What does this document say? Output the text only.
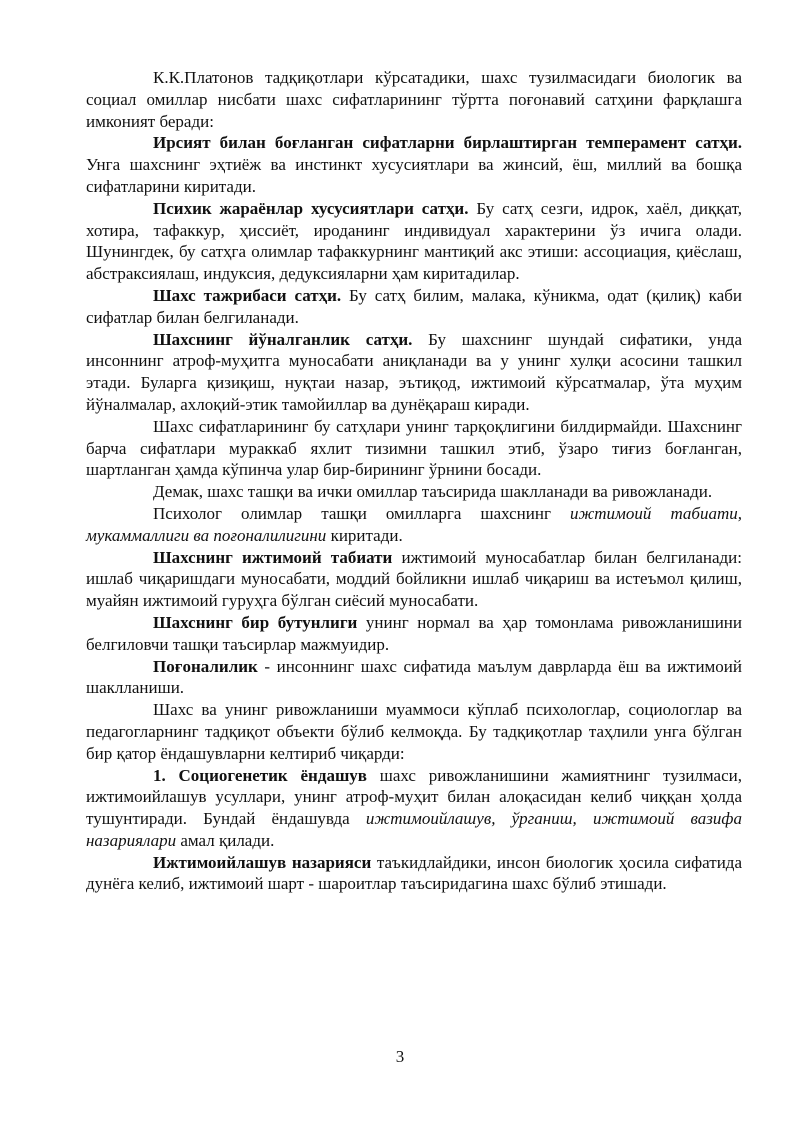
К.К.Платонов тадқиқотлари кўрсатадики, шахс тузилмасидаги биологик ва социал омиллар нисбати шахс сифатларининг тўртта поғонавий сатҳини фарқлашга имконият беради:

Ирсият билан боғланган сифатларни бирлаштирган темперамент сатҳи. Унга шахснинг эҳтиёж ва инстинкт хусусиятлари ва жинсий, ёш, миллий ва бошқа сифатларини киритади.

Психик жараёнлар хусусиятлари сатҳи. Бу сатҳ сезги, идрок, хаёл, диққат, хотира, тафаккур, ҳиссиёт, ироданинг индивидуал характерини ўз ичига олади. Шунингдек, бу сатҳга олимлар тафаккурнинг мантиқий акс этиши: ассоциация, қиёслаш, абстраксиялаш, индуксия, дедуксияларни ҳам киритадилар.

Шахс тажрибаси сатҳи. Бу сатҳ билим, малака, кўникма, одат (қилиқ) каби сифатлар билан белгиланади.

Шахснинг йўналганлик сатҳи. Бу шахснинг шундай сифатики, унда инсоннинг атроф-муҳитга муносабати аниқланади ва у унинг хулқи асосини ташкил этади. Буларга қизиқиш, нуқтаи назар, эътиқод, ижтимоий кўрсатмалар, ўта муҳим йўналмалар, ахлоқий-этик тамойиллар ва дунёқараш киради.

Шахс сифатларининг бу сатҳлари унинг тарқоқлигини билдирмайди. Шахснинг барча сифатлари мураккаб яхлит тизимни ташкил этиб, ўзаро тиғиз боғланган, шартланган ҳамда кўпинча улар бир-бирининг ўрнини босади.

Демак, шахс ташқи ва ички омиллар таъсирида шаклланади ва ривожланади.

Психолог олимлар ташқи омилларга шахснинг ижтимоий табиати, мукаммаллиги ва поғоналилигини киритади.

Шахснинг ижтимоий табиати ижтимоий муносабатлар билан белгиланади: ишлаб чиқаришдаги муносабати, моддий бойликни ишлаб чиқариш ва истеъмол қилиш, муайян ижтимоий гуруҳга бўлган сиёсий муносабати.

Шахснинг бир бутунлиги унинг нормал ва ҳар томонлама ривожланишини белгиловчи ташқи таъсирлар мажмуидир.

Поғоналилик - инсоннинг шахс сифатида маълум даврларда ёш ва ижтимоий шаклланиши.

Шахс ва унинг ривожланиши муаммоси кўплаб психологлар, социологлар ва педагогларнинг тадқиқот объекти бўлиб келмоқда. Бу тадқиқотлар таҳлили унга бўлган бир қатор ёндашувларни келтириб чиқарди:

1. Социогенетик ёндашув шахс ривожланишини жамиятнинг тузилмаси, ижтимоийлашув усуллари, унинг атроф-муҳит билан алоқасидан келиб чиққан ҳолда тушунтиради. Бундай ёндашувда ижтимоийлашув, ўрганиш, ижтимоий вазифа назариялари амал қилади.

Ижтимоийлашув назарияси таъкидлайдики, инсон биологик ҳосила сифатида дунёга келиб, ижтимоий шарт - шароитлар таъсиридагина шахс бўлиб этишади.

3
